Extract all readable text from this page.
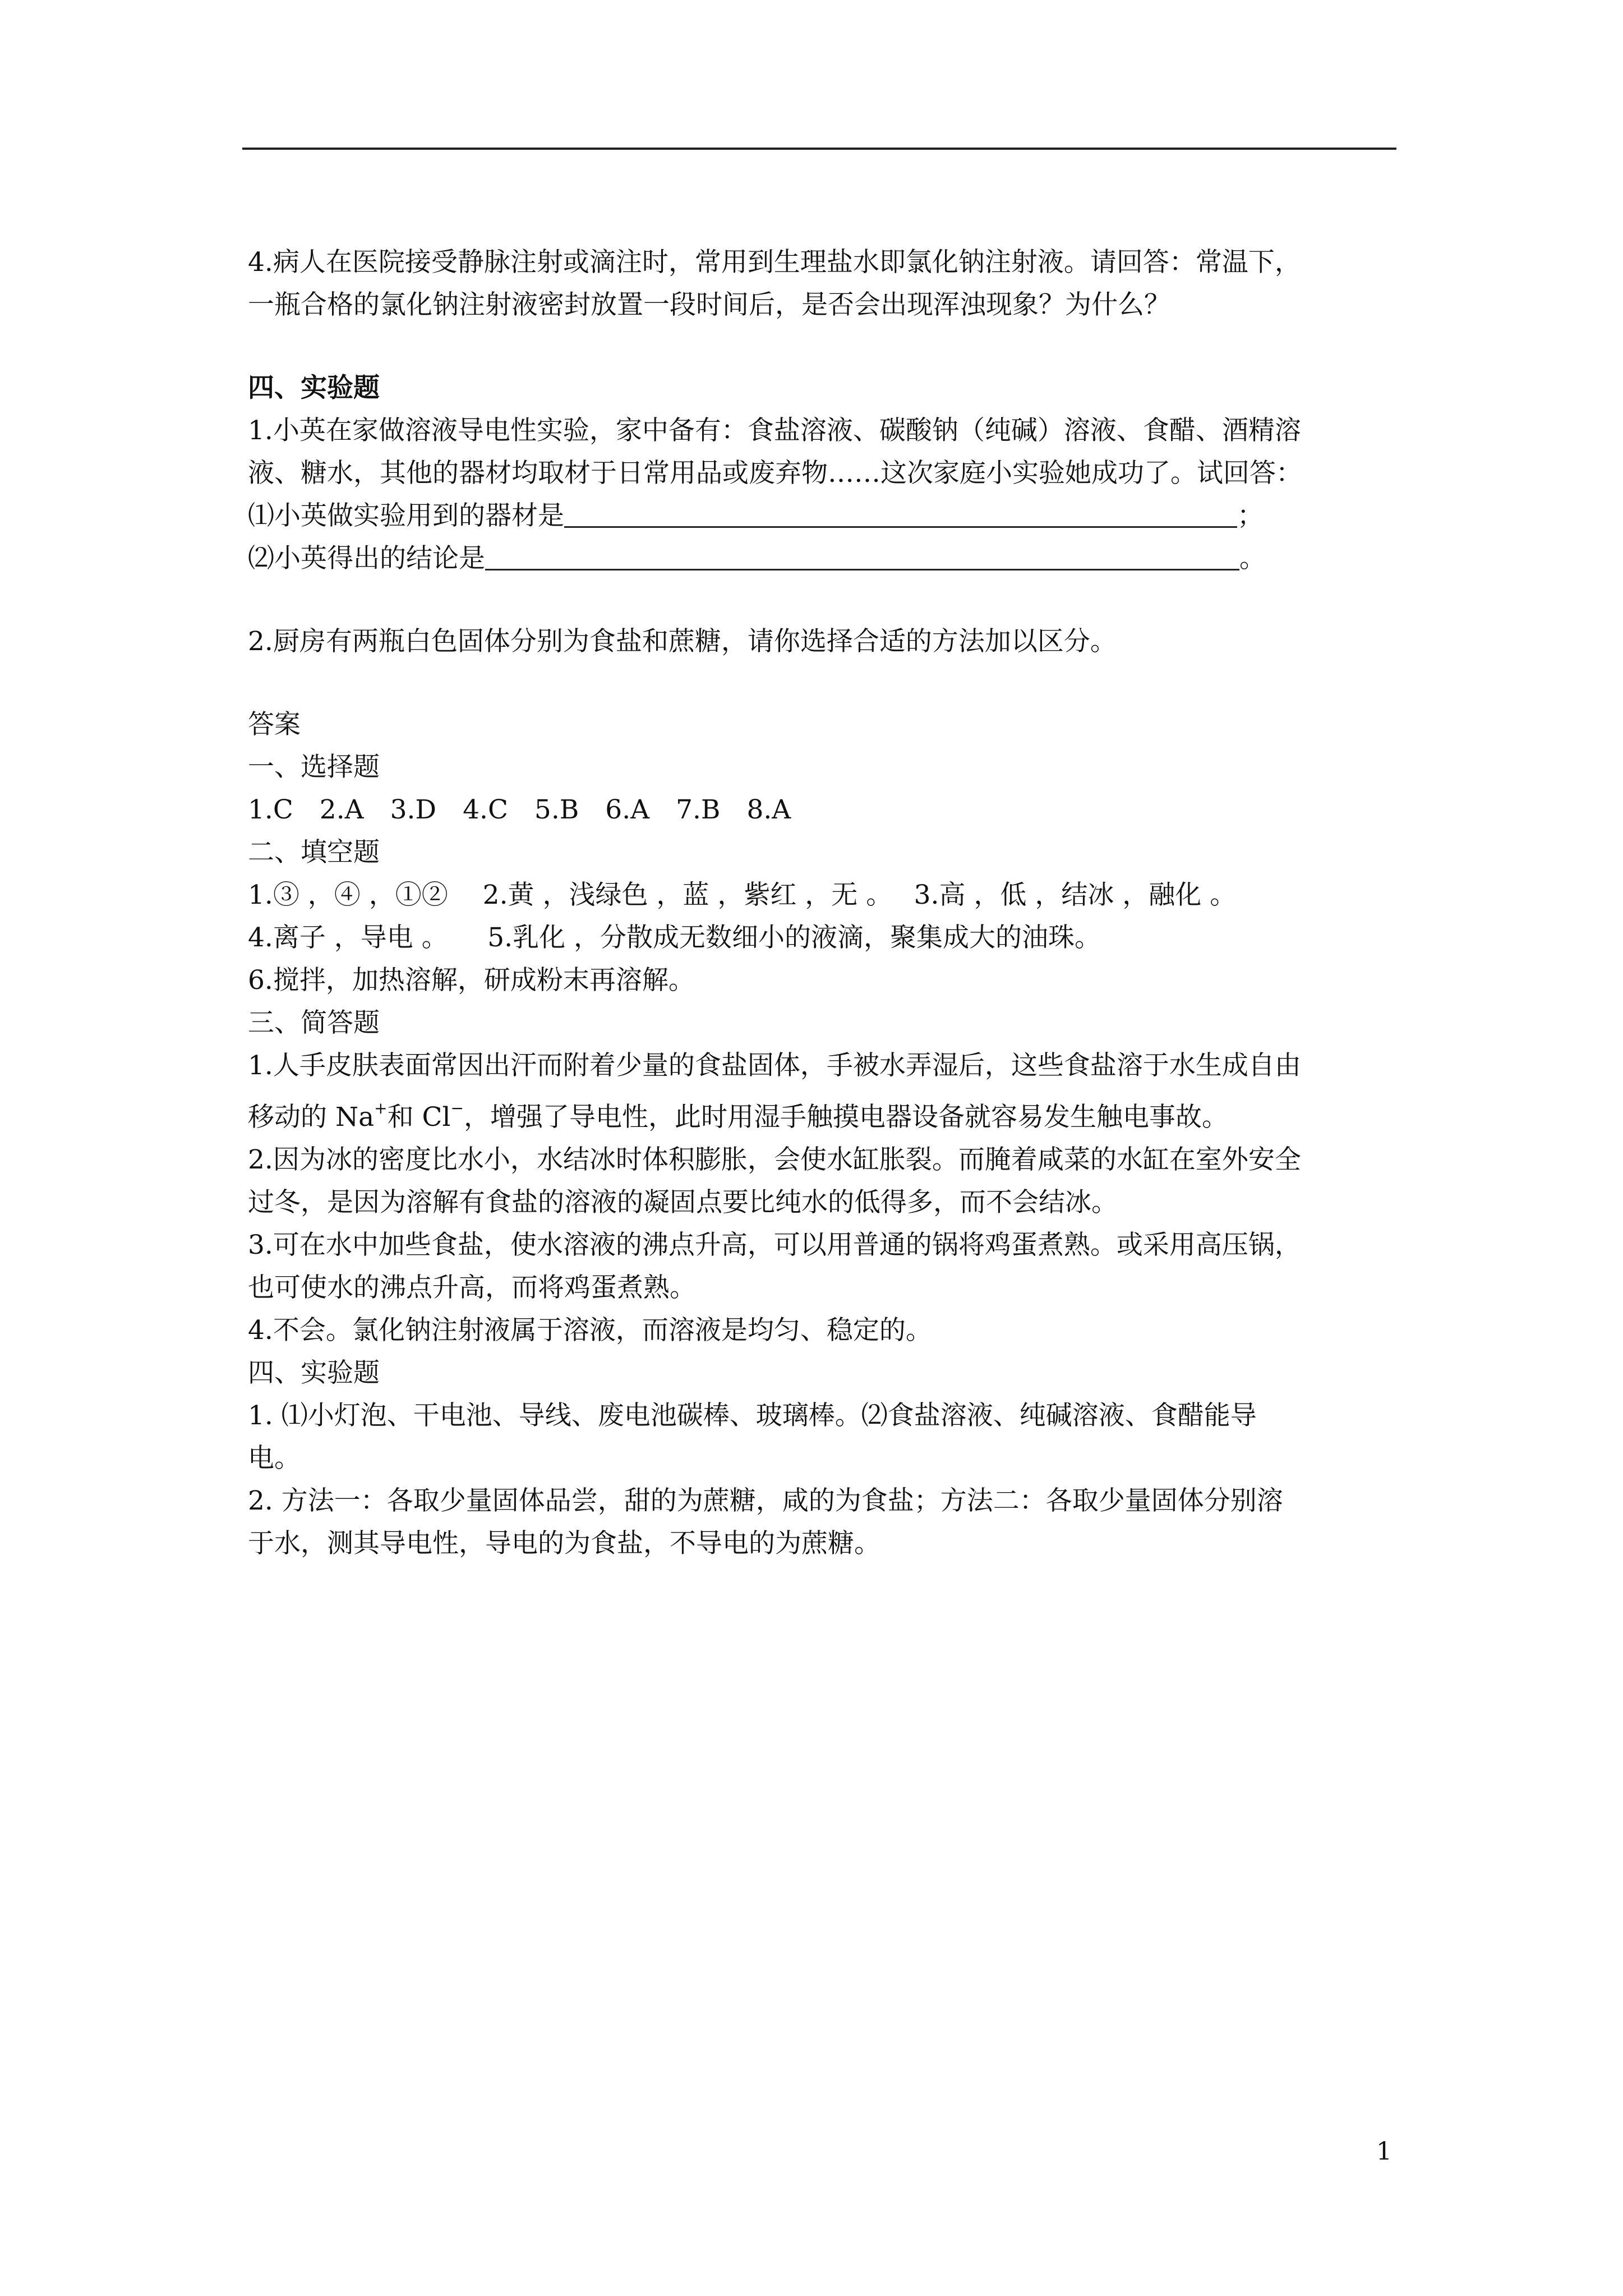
4.病人在医院接受静脉注射或滴注时，常用到生理盐水即氯化钠注射液。请回答：常温下，

一瓶合格的氯化钠注射液密封放置一段时间后，是否会出现浑浊现象？为什么？

四、实验题

1.小英在家做溶液导电性实验，家中备有：食盐溶液、碳酸钠（纯碱）溶液、食醋、酒精溶

液、糖水，其他的器材均取材于日常用品或废弃物……这次家庭小实验她成功了。试回答：

⑴小英做实验用到的器材是	；

⑵小英得出的结论是	。

2.厨房有两瓶白色固体分别为食盐和蔗糖，请你选择合适的方法加以区分。

答案

一、选择题

1.C　2.A　3.D　4.C　5.B　6.A　7.B　8.A

二、填空题

1.③ ，④ ，①②　 2.黄 ，浅绿色 ，蓝 ，紫红 ，无 。　 3.高 ，低 ，结冰 ，融化 。

4.离子 ，导电 。　　5.乳化 ，分散成无数细小的液滴，聚集成大的油珠。

6.搅拌，加热溶解，研成粉末再溶解。

三、简答题

1.人手皮肤表面常因出汗而附着少量的食盐固体，手被水弄湿后，这些食盐溶于水生成自由

移动的 Na+和 Cl−，增强了导电性，此时用湿手触摸电器设备就容易发生触电事故。

2.因为冰的密度比水小，水结冰时体积膨胀，会使水缸胀裂。而腌着咸菜的水缸在室外安全

过冬，是因为溶解有食盐的溶液的凝固点要比纯水的低得多，而不会结冰。

3.可在水中加些食盐，使水溶液的沸点升高，可以用普通的锅将鸡蛋煮熟。或采用高压锅，

也可使水的沸点升高，而将鸡蛋煮熟。

4.不会。氯化钠注射液属于溶液，而溶液是均匀、稳定的。

四、实验题

1. ⑴小灯泡、干电池、导线、废电池碳棒、玻璃棒。⑵食盐溶液、纯碱溶液、食醋能导

电。

2. 方法一：各取少量固体品尝，甜的为蔗糖，咸的为食盐；方法二：各取少量固体分别溶

于水，测其导电性，导电的为食盐，不导电的为蔗糖。

1
